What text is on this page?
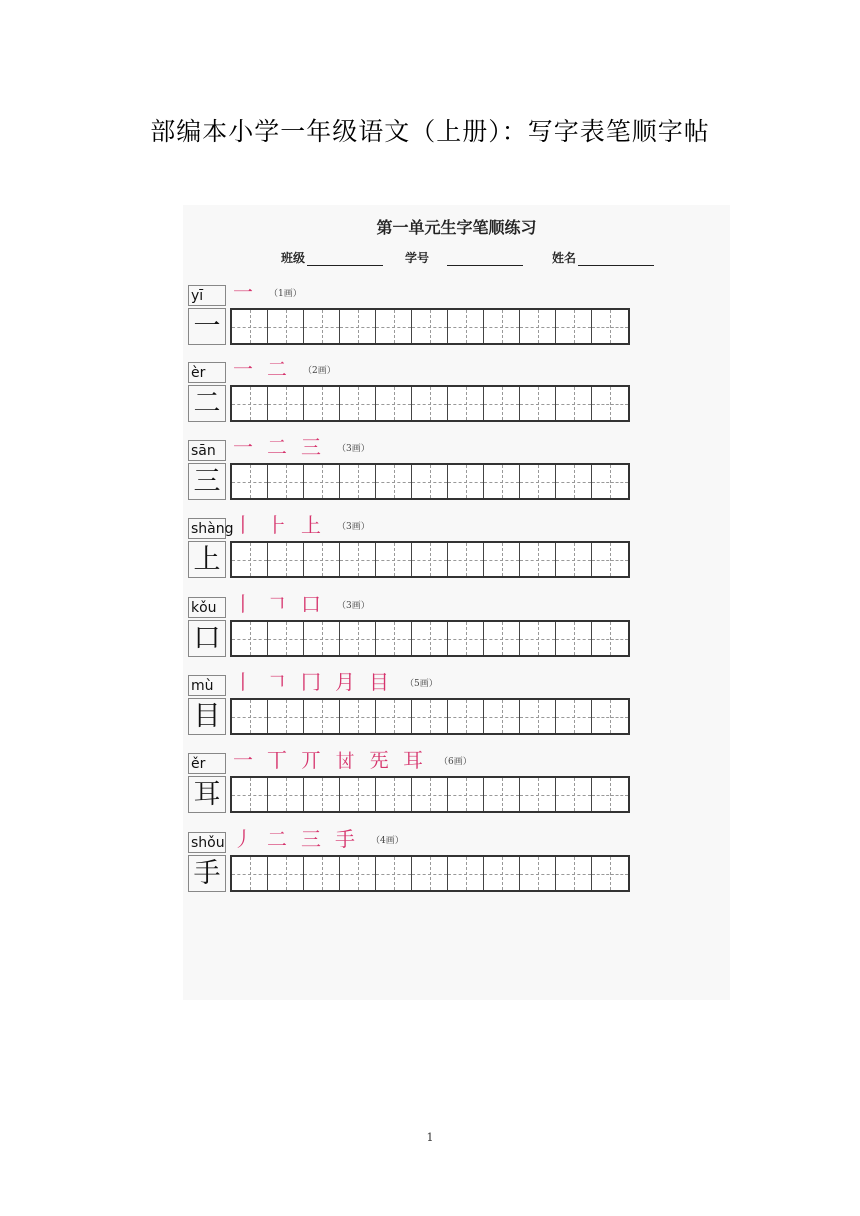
部编本小学一年级语文（上册）：写字表笔顺字帖
第一单元生字笔顺练习
班级	学号	姓名
yī
一
一 （1画）
èr
二
一 二 （2画）
sān
三
一 二 三 （3画）
shàng
上
丨 ⺊ 上 （3画）
kǒu
口
丨 𠃍 口 （3画）
mù
目
丨 𠃍 冂 月 目 （5画）
ěr
耳
一 丅 丌 𠀠 𠀡 耳 （6画）
shǒu
手
丿 二 三 手 （4画）
1
